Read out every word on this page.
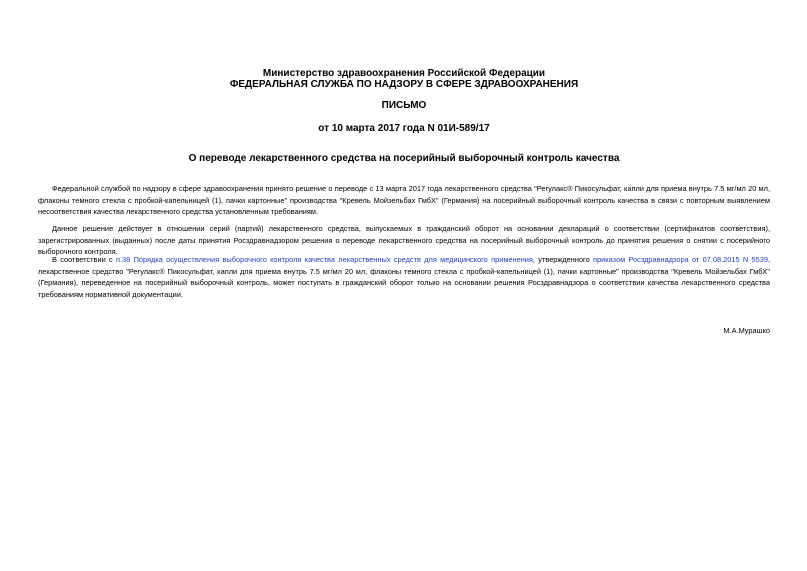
Министерство здравоохранения Российской Федерации
ФЕДЕРАЛЬНАЯ СЛУЖБА ПО НАДЗОРУ В СФЕРЕ ЗДРАВООХРАНЕНИЯ
ПИСЬМО
от 10 марта 2017 года N 01И-589/17
О переводе лекарственного средства на посерийный выборочный контроль качества

Федеральной службой по надзору в сфере здравоохранения принято решение о переводе с 13 марта 2017 года лекарственного средства "Регулакс® Пикосульфат, капли для приема внутрь 7.5 мг/мл 20 мл, флаконы темного стекла с пробкой-капельницей (1), пачки картонные" производства "Кревель Мойзельбах ГмбХ" (Германия) на посерийный выборочный контроль качества в связи с повторным выявлением несоответствия качества лекарственного средства установленным требованиям.

Данное решение действует в отношении серий (партий) лекарственного средства, выпускаемых в гражданский оборот на основании деклараций о соответствии (сертификатов соответствия), зарегистрированных (выданных) после даты принятия Росздравнадзором решения о переводе лекарственного средства на посерийный выборочный контроль до принятия решения о снятии с посерийного выборочного контроля.

В соответствии с п.38 Порядка осуществления выборочного контроля качества лекарственных средств для медицинского применения, утвержденного приказом Росздравнадзора от 07.08.2015 N 5539, лекарственное средство "Регулакс® Пикосульфат, капли для приема внутрь 7.5 мг/мл 20 мл, флаконы темного стекла с пробкой-капельницей (1), пачки картонные" производства "Кревель Мойзельбах ГмбХ" (Германия), переведенное на посерийный выборочный контроль, может поступать в гражданский оборот только на основании решения Росздравнадзора о соответствии качества лекарственного средства требованиям нормативной документации.

М.А.Мурашко
